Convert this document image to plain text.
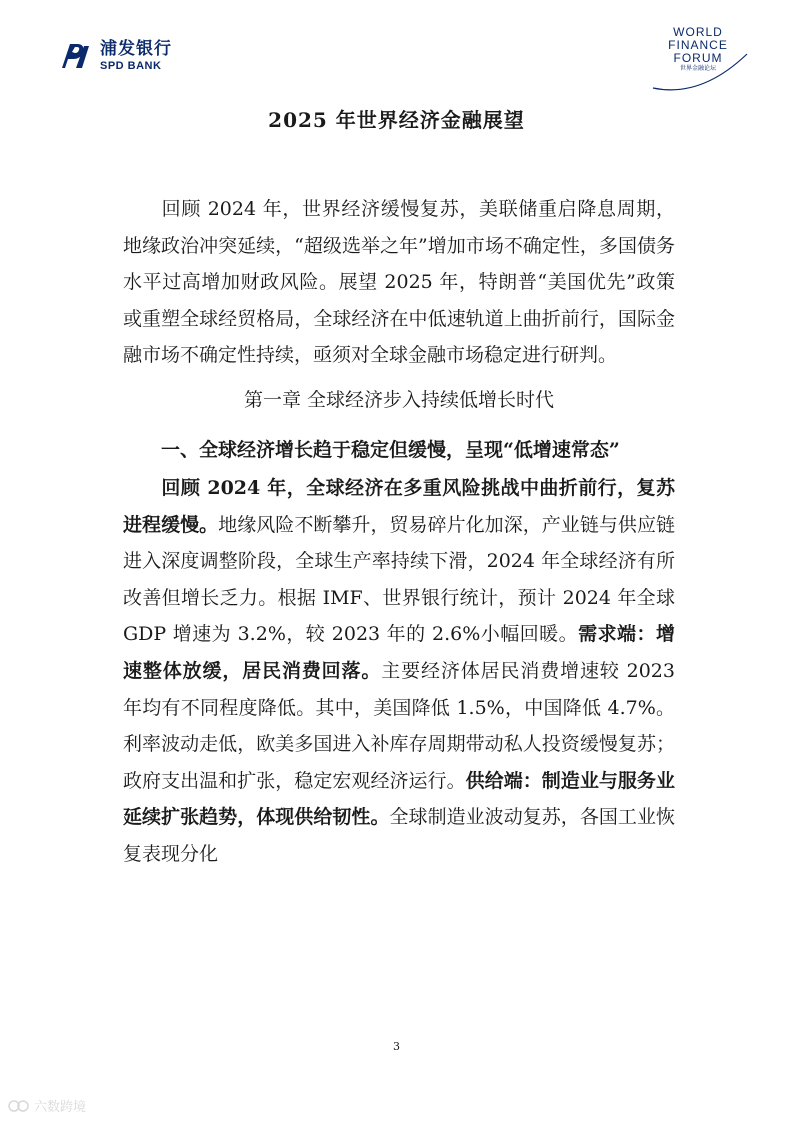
浦发银行
SPD BANK
WORLD
FINANCE
FORUM
世界金融论坛
2025 年世界经济金融展望

回顾 2024 年，世界经济缓慢复苏，美联储重启降息周期，地缘政治冲突延续，“超级选举之年”增加市场不确定性，多国债务水平过高增加财政风险。展望 2025 年，特朗普“美国优先”政策或重塑全球经贸格局，全球经济在中低速轨道上曲折前行，国际金融市场不确定性持续，亟须对全球金融市场稳定进行研判。

第一章 全球经济步入持续低增长时代
一、全球经济增长趋于稳定但缓慢，呈现“低增速常态”

回顾 2024 年，全球经济在多重风险挑战中曲折前行，复苏进程缓慢。地缘风险不断攀升，贸易碎片化加深，产业链与供应链进入深度调整阶段，全球生产率持续下滑，2024 年全球经济有所改善但增长乏力。根据 IMF、世界银行统计，预计 2024 年全球 GDP 增速为 3.2%，较 2023 年的 2.6%小幅回暖。需求端：增速整体放缓，居民消费回落。主要经济体居民消费增速较 2023 年均有不同程度降低。其中，美国降低 1.5%，中国降低 4.7%。利率波动走低，欧美多国进入补库存周期带动私人投资缓慢复苏；政府支出温和扩张，稳定宏观经济运行。供给端：制造业与服务业延续扩张趋势，体现供给韧性。全球制造业波动复苏，各国工业恢复表现分化

3
六数跨境
